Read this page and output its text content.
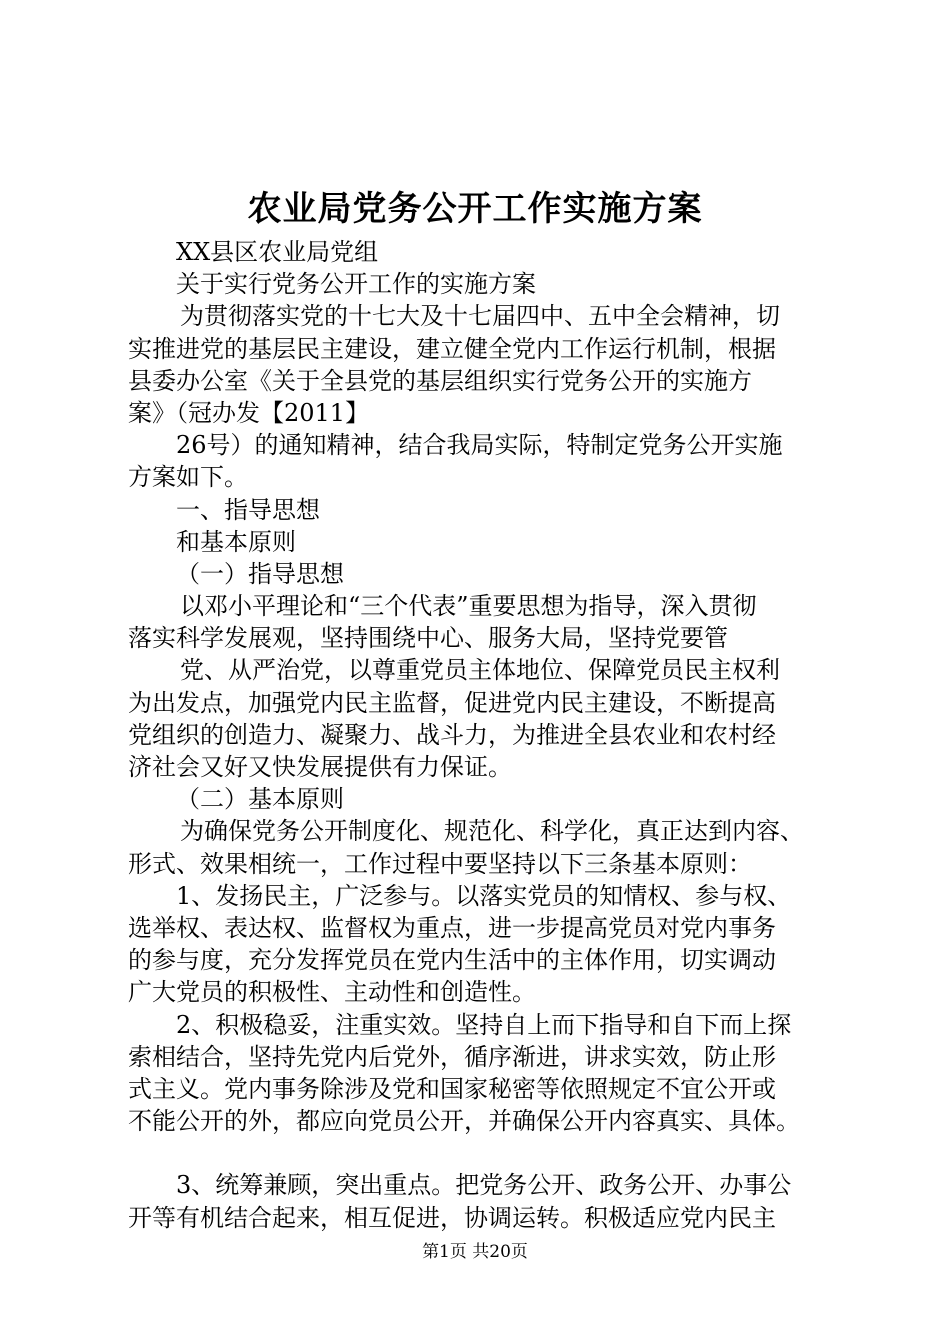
农业局党务公开工作实施方案
XX县区农业局党组
关于实行党务公开工作的实施方案
为贯彻落实党的十七大及十七届四中、五中全会精神，切
实推进党的基层民主建设，建立健全党内工作运行机制，根据
县委办公室《关于全县党的基层组织实行党务公开的实施方
案》（冠办发【2011】
26号）的通知精神，结合我局实际，特制定党务公开实施
方案如下。
一、指导思想
和基本原则
（一）指导思想
以邓小平理论和“三个代表”重要思想为指导，深入贯彻
落实科学发展观，坚持围绕中心、服务大局，坚持党要管
党、从严治党，以尊重党员主体地位、保障党员民主权利
为出发点，加强党内民主监督，促进党内民主建设，不断提高
党组织的创造力、凝聚力、战斗力，为推进全县农业和农村经
济社会又好又快发展提供有力保证。
（二）基本原则
为确保党务公开制度化、规范化、科学化，真正达到内容、
形式、效果相统一，工作过程中要坚持以下三条基本原则：
1、发扬民主，广泛参与。以落实党员的知情权、参与权、
选举权、表达权、监督权为重点，进一步提高党员对党内事务
的参与度，充分发挥党员在党内生活中的主体作用，切实调动
广大党员的积极性、主动性和创造性。
2、积极稳妥，注重实效。坚持自上而下指导和自下而上探
索相结合，坚持先党内后党外，循序渐进，讲求实效，防止形
式主义。党内事务除涉及党和国家秘密等依照规定不宜公开或
不能公开的外，都应向党员公开，并确保公开内容真实、具体。
3、统筹兼顾，突出重点。把党务公开、政务公开、办事公
开等有机结合起来，相互促进，协调运转。积极适应党内民主
第1页 共20页
